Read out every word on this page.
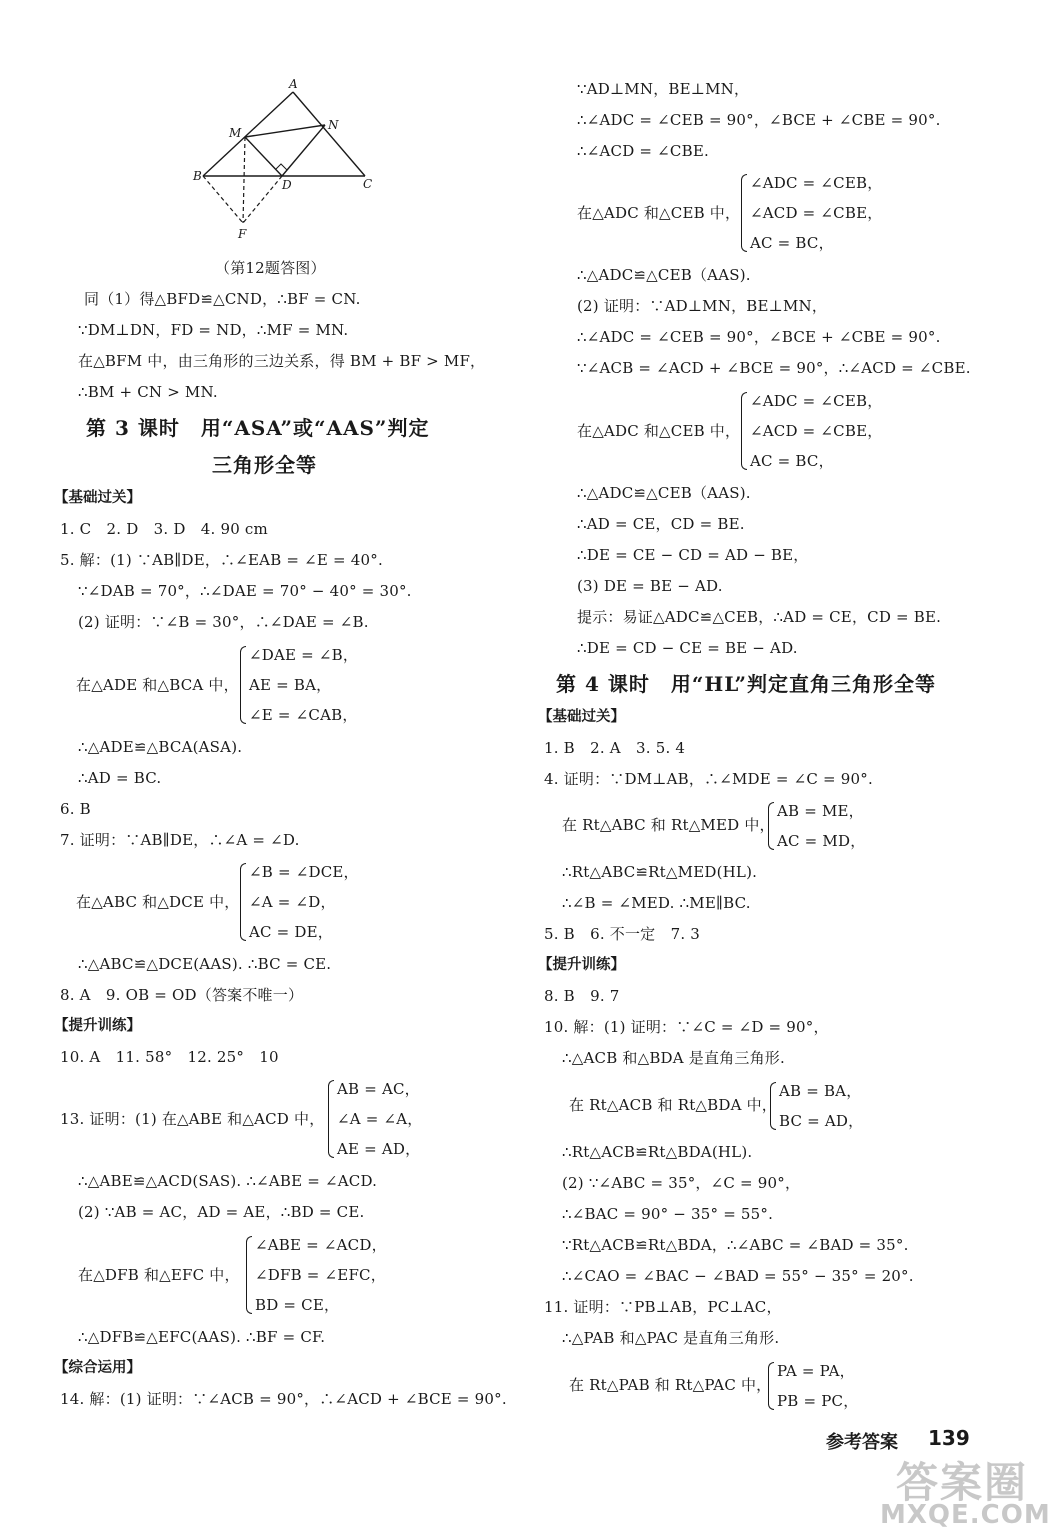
A
M
N
B
D	C
F
（第12题答图）
同（1）得△BFD≌△CND，∴BF = CN.
∵DM⊥DN，FD = ND，∴MF = MN.
在△BFM 中，由三角形的三边关系，得 BM + BF > MF，
∴BM + CN > MN.
第 3 课时　用“ASA”或“AAS”判定
三角形全等
【基础过关】
1. C　2. D　3. D　4. 90 cm
5. 解：(1) ∵AB∥DE，∴∠EAB = ∠E = 40°.
∵∠DAB = 70°，∴∠DAE = 70° − 40° = 30°.
(2) 证明：∵∠B = 30°，∴∠DAE = ∠B.
在△ADE 和△BCA 中，
∠DAE = ∠B，
AE = BA，
∠E = ∠CAB，
∴△ADE≌△BCA(ASA).
∴AD = BC.
6. B
7. 证明：∵AB∥DE，∴∠A = ∠D.
在△ABC 和△DCE 中，
∠B = ∠DCE，
∠A = ∠D，
AC = DE，
∴△ABC≌△DCE(AAS). ∴BC = CE.
8. A　9. OB = OD（答案不唯一）
【提升训练】
10. A　11. 58°　12. 25°　10
13. 证明：(1) 在△ABE 和△ACD 中，
AB = AC，
∠A = ∠A，
AE = AD，
∴△ABE≌△ACD(SAS). ∴∠ABE = ∠ACD.
(2) ∵AB = AC，AD = AE，∴BD = CE.
在△DFB 和△EFC 中，
∠ABE = ∠ACD，
∠DFB = ∠EFC，
BD = CE，
∴△DFB≌△EFC(AAS). ∴BF = CF.
【综合运用】
14. 解：(1) 证明：∵∠ACB = 90°，∴∠ACD + ∠BCE = 90°.
∵AD⊥MN，BE⊥MN，
∴∠ADC = ∠CEB = 90°，∠BCE + ∠CBE = 90°.
∴∠ACD = ∠CBE.
在△ADC 和△CEB 中，
∠ADC = ∠CEB，
∠ACD = ∠CBE，
AC = BC，
∴△ADC≌△CEB（AAS).
(2) 证明：∵AD⊥MN，BE⊥MN，
∴∠ADC = ∠CEB = 90°，∠BCE + ∠CBE = 90°.
∵∠ACB = ∠ACD + ∠BCE = 90°，∴∠ACD = ∠CBE.
在△ADC 和△CEB 中，
∠ADC = ∠CEB，
∠ACD = ∠CBE，
AC = BC，
∴△ADC≌△CEB（AAS).
∴AD = CE，CD = BE.
∴DE = CE − CD = AD − BE，
(3) DE = BE − AD.
提示：易证△ADC≌△CEB，∴AD = CE，CD = BE.
∴DE = CD − CE = BE − AD.
第 4 课时　用“HL”判定直角三角形全等
【基础过关】
1. B　2. A　3. 5. 4
4. 证明：∵DM⊥AB，∴∠MDE = ∠C = 90°.
在 Rt△ABC 和 Rt△MED 中，
AB = ME，
AC = MD，
∴Rt△ABC≌Rt△MED(HL).
∴∠B = ∠MED. ∴ME∥BC.
5. B　6. 不一定　7. 3
【提升训练】
8. B　9. 7
10. 解：(1) 证明：∵∠C = ∠D = 90°，
∴△ACB 和△BDA 是直角三角形.
在 Rt△ACB 和 Rt△BDA 中，
AB = BA，
BC = AD，
∴Rt△ACB≌Rt△BDA(HL).
(2) ∵∠ABC = 35°，∠C = 90°，
∴∠BAC = 90° − 35° = 55°.
∵Rt△ACB≌Rt△BDA，∴∠ABC = ∠BAD = 35°.
∴∠CAO = ∠BAC − ∠BAD = 55° − 35° = 20°.
11. 证明：∵PB⊥AB，PC⊥AC，
∴△PAB 和△PAC 是直角三角形.
在 Rt△PAB 和 Rt△PAC 中，
PA = PA，
PB = PC，
参考答案 139
答案圈
MXQE.COM
